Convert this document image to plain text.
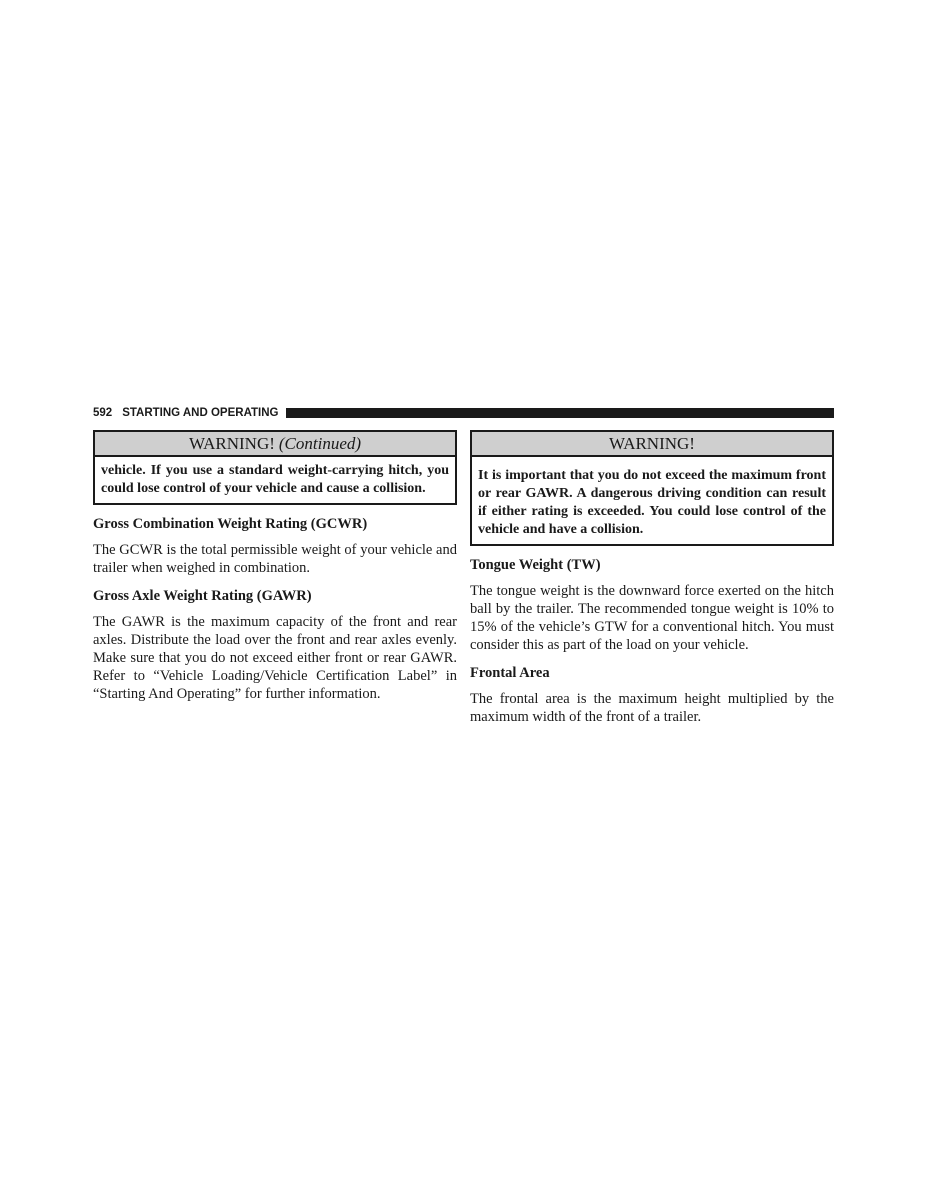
592 STARTING AND OPERATING
WARNING! (Continued)
vehicle. If you use a standard weight-carrying hitch, you could lose control of your vehicle and cause a collision.
Gross Combination Weight Rating (GCWR)

The GCWR is the total permissible weight of your vehicle and trailer when weighed in combination.

Gross Axle Weight Rating (GAWR)

The GAWR is the maximum capacity of the front and rear axles. Distribute the load over the front and rear axles evenly. Make sure that you do not exceed either front or rear GAWR. Refer to “Vehicle Loading/Vehicle Certification Label” in “Starting And Operating” for further information.

WARNING!
It is important that you do not exceed the maximum front or rear GAWR. A dangerous driving condition can result if either rating is exceeded. You could lose control of the vehicle and have a collision.
Tongue Weight (TW)

The tongue weight is the downward force exerted on the hitch ball by the trailer. The recommended tongue weight is 10% to 15% of the vehicle’s GTW for a conventional hitch. You must consider this as part of the load on your vehicle.

Frontal Area

The frontal area is the maximum height multiplied by the maximum width of the front of a trailer.
